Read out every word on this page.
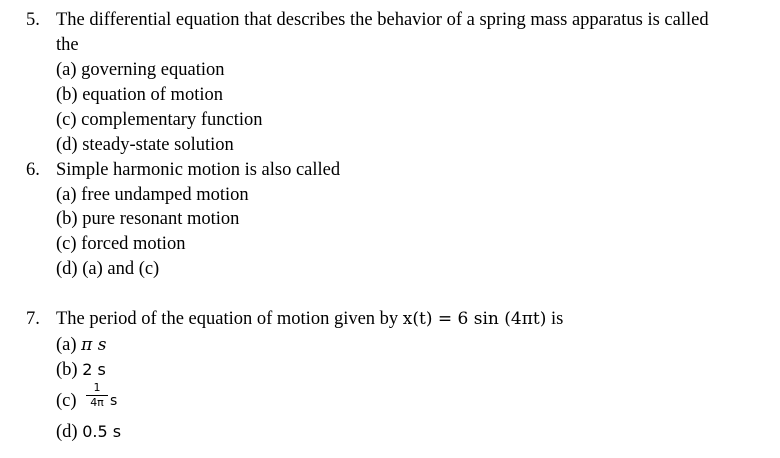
5. The differential equation that describes the behavior of a spring mass apparatus is called
the
(a) governing equation
(b) equation of motion
(c) complementary function
(d) steady-state solution
6. Simple harmonic motion is also called
(a) free undamped motion
(b) pure resonant motion
(c) forced motion
(d) (a) and (c)
7. The period of the equation of motion given by x(t) = 6 sin (4πt) is
(a) π s
(b) 2 s
(c)
1
4π s
(d) 0.5 s
